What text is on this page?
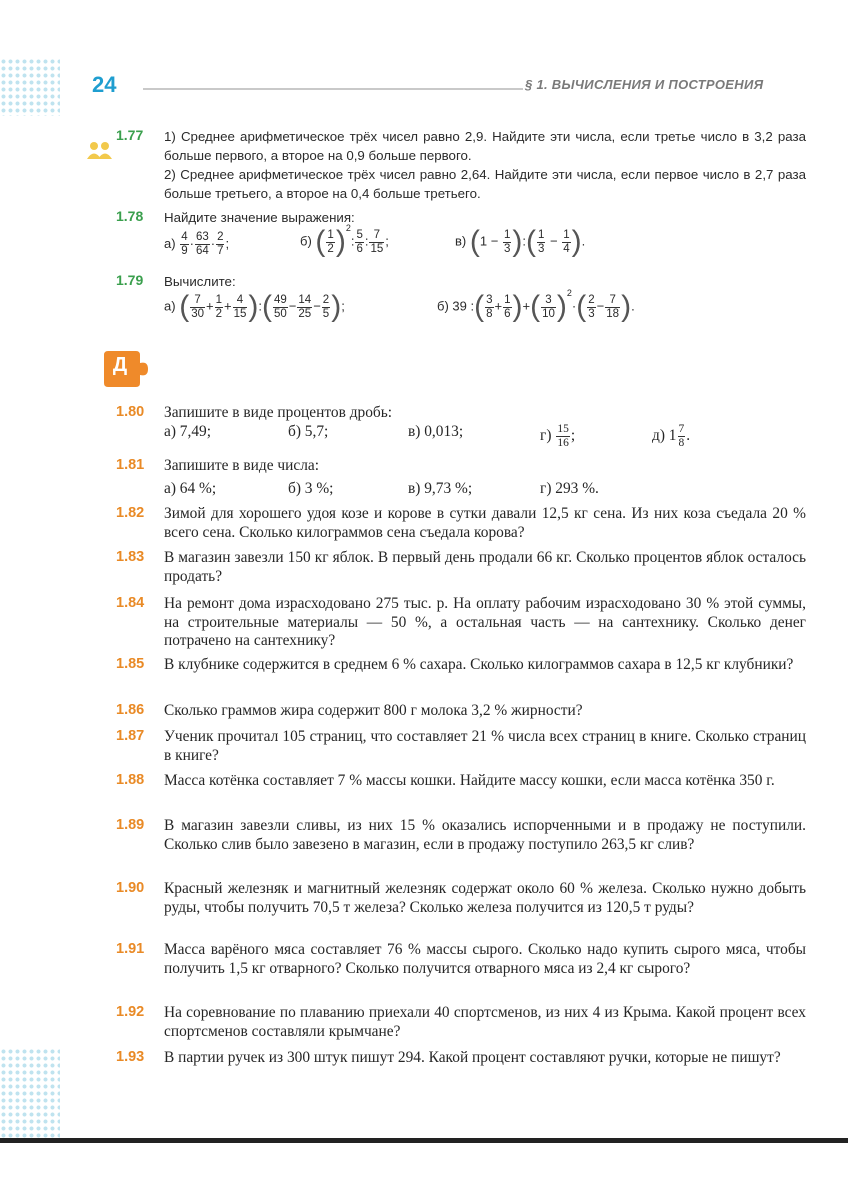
24	§ 1. ВЫЧИСЛЕНИЯ И ПОСТРОЕНИЯ
1.77 1) Среднее арифметическое трёх чисел равно 2,9. Найдите эти числа, если третье число в 3,2 раза больше первого, а второе на 0,9 больше первого.
2) Среднее арифметическое трёх чисел равно 2,64. Найдите эти числа, если первое число в 2,7 раза больше третьего, а второе на 0,4 больше третьего.
1.78 Найдите значение выражения:
$а) \frac{4}{9} \cdot \frac{63}{64} \cdot \frac{2}{7}$ ;	б) ( $\frac{1}{2} )^2$: $\frac{5}{6}$ : $\frac{7}{15}$ ;	в) ($1 - \frac{1}{3}$ ):( $\frac{1}{3} - \frac{1}{4}$ ).
1.79 Вычислите:
а) ( $\frac{7}{30} + \frac{1}{2} + \frac{4}{15}$ ):( $\frac{49}{50} - \frac{14}{25} - \frac{2}{5}$ );	б) 39 :( $\frac{3}{8} + \frac{1}{6}$ )+( $\frac{3}{10} )^2\cdot( \frac{2}{3} - \frac{7}{18}$ ).
Д
1.80 Запишите в виде процентов дробь:
а) 7,49;	б) 5,7;	в) 0,013;	$г) \frac{15}{16}$ ;	д) $1 \frac{7}{8}$ .
1.81 Запишите в виде числа:
а) 64 %;	б) 3 %;	в) 9,73 %;	г) 293 %.
1.82 Зимой для хорошего удоя козе и корове в сутки давали 12,5 кг сена. Из них коза съедала 20 % всего сена. Сколько килограммов сена съедала корова?
1.83 В магазин завезли 150 кг яблок. В первый день продали 66 кг. Сколько процентов яблок осталось продать?
1.84 На ремонт дома израсходовано 275 тыс. р. На оплату рабочим израсходовано 30 % этой суммы, на строительные материалы — 50 %, а остальная часть — на сантехнику. Сколько денег потрачено на сантехнику?
1.85 В клубнике содержится в среднем 6 % сахара. Сколько килограммов сахара в 12,5 кг клубники?
1.86 Сколько граммов жира содержит 800 г молока 3,2 % жирности?
1.87 Ученик прочитал 105 страниц, что составляет 21 % числа всех страниц в книге. Сколько страниц в книге?
1.88 Масса котёнка составляет 7 % массы кошки. Найдите массу кошки, если масса котёнка 350 г.
1.89 В магазин завезли сливы, из них 15 % оказались испорченными и в продажу не поступили. Сколько слив было завезено в магазин, если в продажу поступило 263,5 кг слив?
1.90 Красный железняк и магнитный железняк содержат около 60 % железа. Сколько нужно добыть руды, чтобы получить 70,5 т железа? Сколько железа получится из 120,5 т руды?
1.91 Масса варёного мяса составляет 76 % массы сырого. Сколько надо купить сырого мяса, чтобы получить 1,5 кг отварного? Сколько получится отварного мяса из 2,4 кг сырого?
1.92 На соревнование по плаванию приехали 40 спортсменов, из них 4 из Крыма. Какой процент всех спортсменов составляли крымчане?
1.93 В партии ручек из 300 штук пишут 294. Какой процент составляют ручки, которые не пишут?
